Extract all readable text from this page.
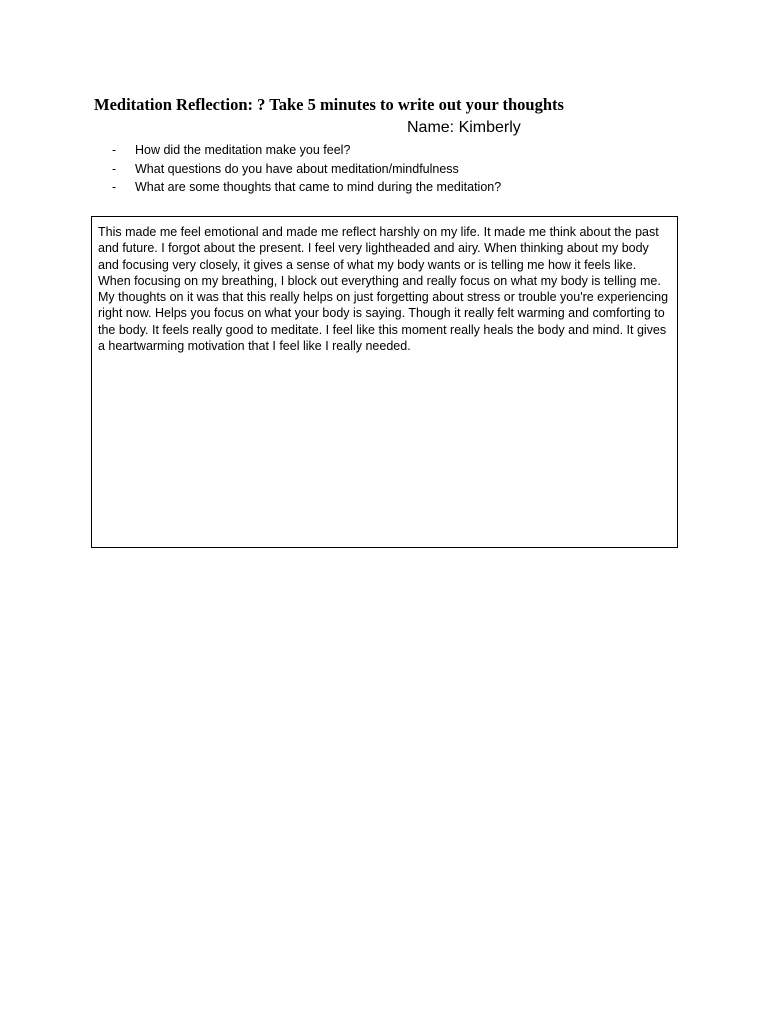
Meditation Reflection: ? Take 5 minutes to write out your thoughts
Name: Kimberly
-	How did the meditation make you feel?
-	What questions do you have about meditation/mindfulness
-	What are some thoughts that came to mind during the meditation?

This made me feel emotional and made me reflect harshly on my life. It made me think about the past and future. I forgot about the present. I feel very lightheaded and airy. When thinking about my body and focusing very closely, it gives a sense of what my body wants or is telling me how it feels like. When focusing on my breathing, I block out everything and really focus on what my body is telling me. My thoughts on it was that this really helps on just forgetting about stress or trouble you're experiencing right now. Helps you focus on what your body is saying. Though it really felt warming and comforting to the body. It feels really good to meditate. I feel like this moment really heals the body and mind. It gives a heartwarming motivation that I feel like I really needed.
